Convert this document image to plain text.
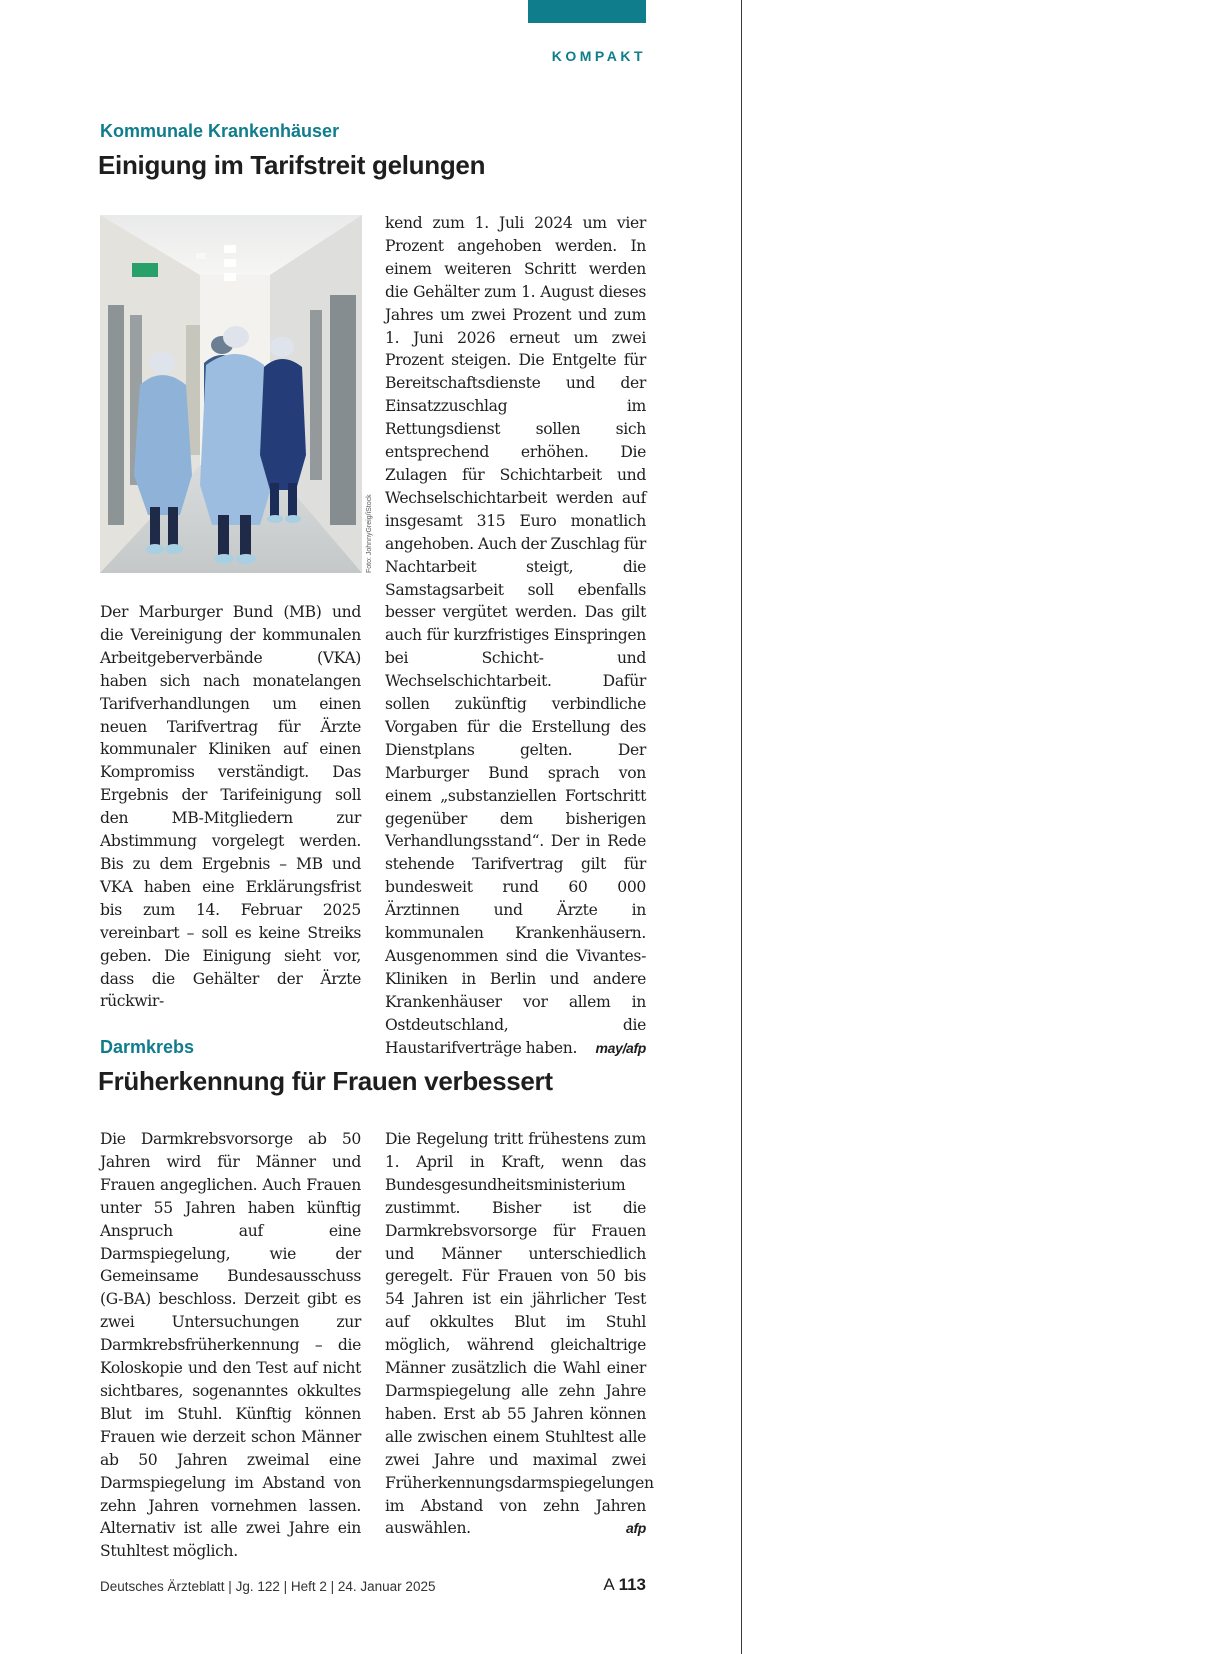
KOMPAKT
Kommunale Krankenhäuser
Einigung im Tarifstreit gelungen
Foto: JohnnyGreig/iStock
Der Marburger Bund (MB) und die Vereinigung der kommunalen Arbeitgeberverbände (VKA) haben sich nach monatelangen Tarifverhandlungen um einen neuen Tarifvertrag für Ärzte kommunaler Kliniken auf einen Kompromiss verständigt. Das Ergebnis der Tarifeinigung soll den MB-Mitgliedern zur Abstimmung vorgelegt werden. Bis zu dem Ergebnis – MB und VKA haben eine Erklärungsfrist bis zum 14. Februar 2025 vereinbart – soll es keine Streiks geben. Die Einigung sieht vor, dass die Gehälter der Ärzte rückwir-
kend zum 1. Juli 2024 um vier Prozent angehoben werden. In einem weiteren Schritt werden die Gehälter zum 1. August dieses Jahres um zwei Prozent und zum 1. Juni 2026 erneut um zwei Prozent steigen. Die Entgelte für Bereitschaftsdienste und der Einsatzzuschlag im Rettungsdienst sollen sich entsprechend erhöhen. Die Zulagen für Schichtarbeit und Wechselschichtarbeit werden auf insgesamt 315 Euro monatlich angehoben. Auch der Zuschlag für Nachtarbeit steigt, die Samstagsarbeit soll ebenfalls besser vergütet werden. Das gilt auch für kurzfristiges Einspringen bei Schicht- und Wechselschichtarbeit. Dafür sollen zukünftig verbindliche Vorgaben für die Erstellung des Dienstplans gelten. Der Marburger Bund sprach von einem „substanziellen Fortschritt gegenüber dem bisherigen Verhandlungsstand“. Der in Rede stehende Tarifvertrag gilt für bundesweit rund 60 000 Ärztinnen und Ärzte in kommunalen Krankenhäusern. Ausgenommen sind die Vivantes-Kliniken in Berlin und andere Krankenhäuser vor allem in Ostdeutschland, die Haustarifverträge haben. may/afp
Darmkrebs
Früherkennung für Frauen verbessert
Die Darmkrebsvorsorge ab 50 Jahren wird für Männer und Frauen angeglichen. Auch Frauen unter 55 Jahren haben künftig Anspruch auf eine Darmspiegelung, wie der Gemeinsame Bundesausschuss (G-BA) beschloss. Derzeit gibt es zwei Untersuchungen zur Darmkrebsfrüherkennung – die Koloskopie und den Test auf nicht sichtbares, sogenanntes okkultes Blut im Stuhl. Künftig können Frauen wie derzeit schon Männer ab 50 Jahren zweimal eine Darmspiegelung im Abstand von zehn Jahren vornehmen lassen. Alternativ ist alle zwei Jahre ein Stuhltest möglich.
Die Regelung tritt frühestens zum 1. April in Kraft, wenn das Bundesgesundheitsministerium zustimmt. Bisher ist die Darmkrebsvorsorge für Frauen und Männer unterschiedlich geregelt. Für Frauen von 50 bis 54 Jahren ist ein jährlicher Test auf okkultes Blut im Stuhl möglich, während gleichaltrige Männer zusätzlich die Wahl einer Darmspiegelung alle zehn Jahre haben. Erst ab 55 Jahren können alle zwischen einem Stuhltest alle zwei Jahre und maximal zwei Früherkennungsdarmspiegelungen im Abstand von zehn Jahren auswählen.	afp
Deutsches Ärzteblatt | Jg. 122 | Heft 2 | 24. Januar 2025	A 113
